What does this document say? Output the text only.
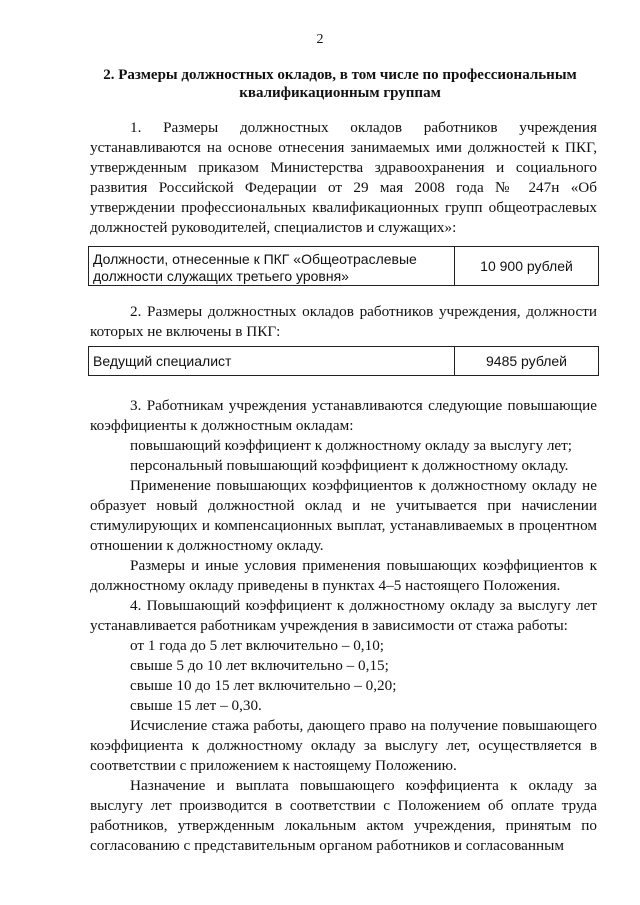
2
2. Размеры должностных окладов, в том числе по профессиональным квалификационным группам
1. Размеры должностных окладов работников учреждения устанавливаются на основе отнесения занимаемых ими должностей к ПКГ, утвержденным приказом Министерства здравоохранения и социального развития Российской Федерации от 29 мая 2008 года № 247н «Об утверждении профессиональных квалификационных групп общеотраслевых должностей руководителей, специалистов и служащих»:
Должности, отнесенные к ПКГ «Общеотраслевые должности служащих третьего уровня»
10 900 рублей
2. Размеры должностных окладов работников учреждения, должности которых не включены в ПКГ:
Ведущий специалист	9485 рублей
3. Работникам учреждения устанавливаются следующие повышающие коэффициенты к должностным окладам:
повышающий коэффициент к должностному окладу за выслугу лет;
персональный повышающий коэффициент к должностному окладу.
Применение повышающих коэффициентов к должностному окладу не образует новый должностной оклад и не учитывается при начислении стимулирующих и компенсационных выплат, устанавливаемых в процентном отношении к должностному окладу.
Размеры и иные условия применения повышающих коэффициентов к должностному окладу приведены в пунктах 4–5 настоящего Положения.
4. Повышающий коэффициент к должностному окладу за выслугу лет устанавливается работникам учреждения в зависимости от стажа работы:
от 1 года до 5 лет включительно – 0,10;
свыше 5 до 10 лет включительно – 0,15;
свыше 10 до 15 лет включительно – 0,20;
свыше 15 лет – 0,30.
Исчисление стажа работы, дающего право на получение повышающего коэффициента к должностному окладу за выслугу лет, осуществляется в соответствии с приложением к настоящему Положению.
Назначение и выплата повышающего коэффициента к окладу за выслугу лет производится в соответствии с Положением об оплате труда работников, утвержденным локальным актом учреждения, принятым по согласованию с представительным органом работников и согласованным
